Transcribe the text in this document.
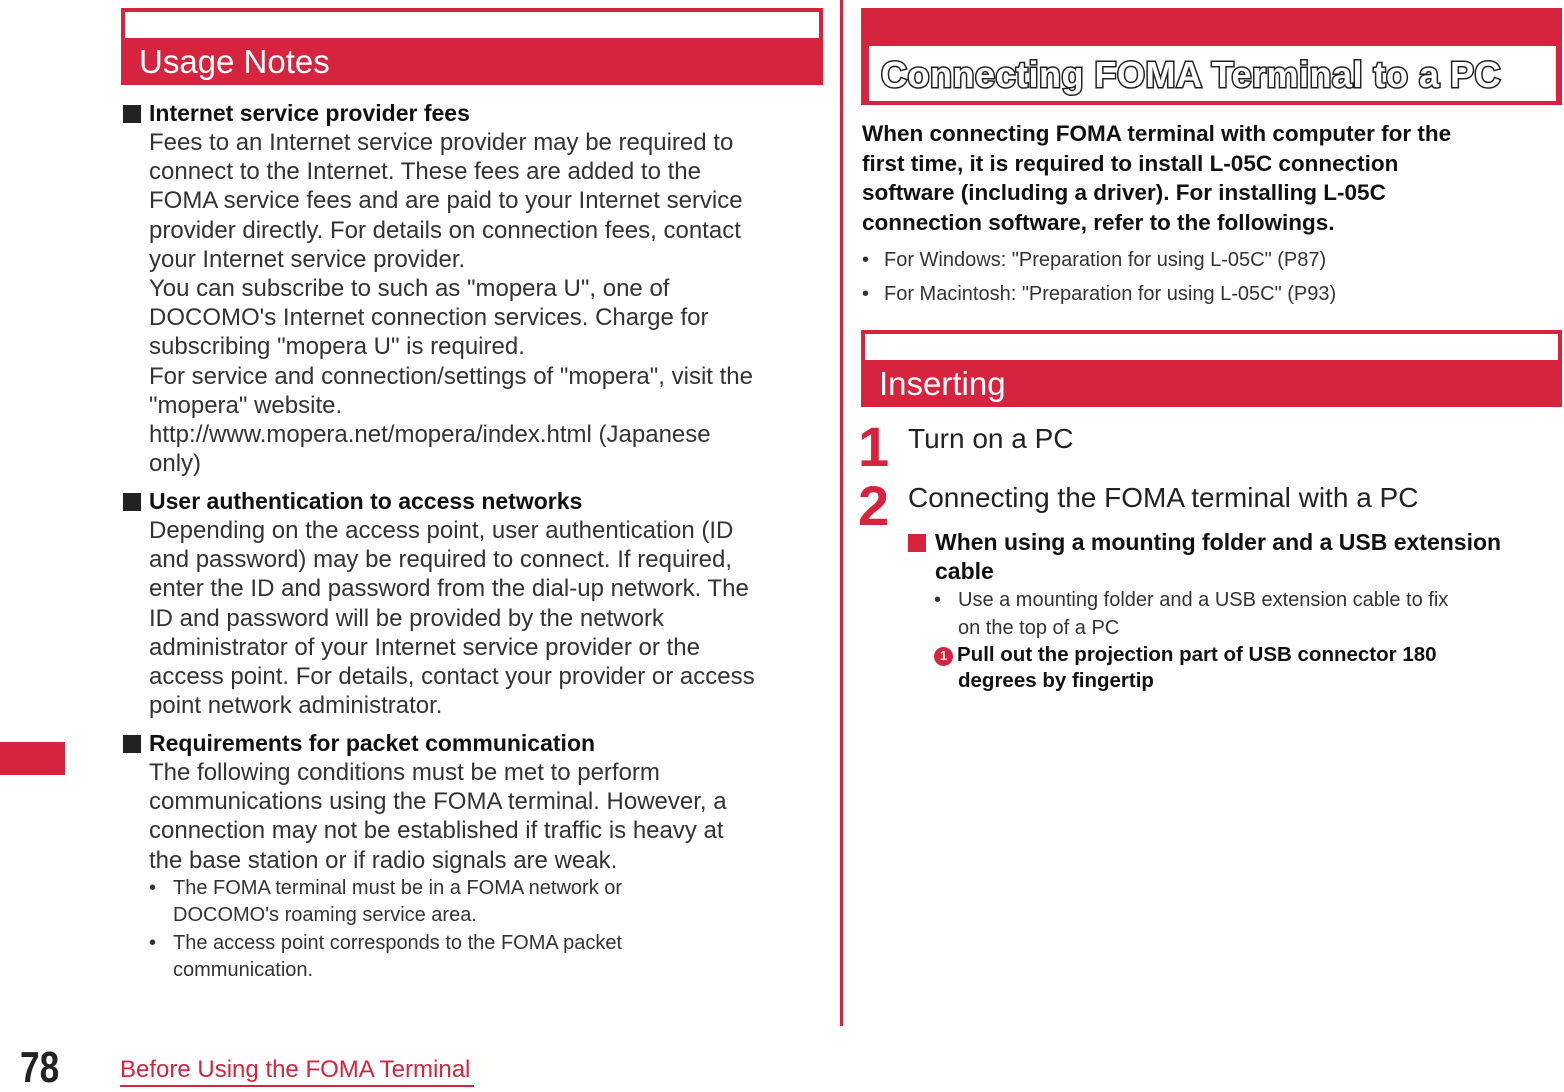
Usage Notes
Internet service provider fees
Fees to an Internet service provider may be required to
connect to the Internet. These fees are added to the
FOMA service fees and are paid to your Internet service
provider directly. For details on connection fees, contact
your Internet service provider.
You can subscribe to such as "mopera U", one of
DOCOMO's Internet connection services. Charge for
subscribing "mopera U" is required.
For service and connection/settings of "mopera", visit the
"mopera" website.
http://www.mopera.net/mopera/index.html (Japanese
only)
User authentication to access networks
Depending on the access point, user authentication (ID
and password) may be required to connect. If required,
enter the ID and password from the dial-up network. The
ID and password will be provided by the network
administrator of your Internet service provider or the
access point. For details, contact your provider or access
point network administrator.
Requirements for packet communication
The following conditions must be met to perform
communications using the FOMA terminal. However, a
connection may not be established if traffic is heavy at
the base station or if radio signals are weak.
• The FOMA terminal must be in a FOMA network or
DOCOMO's roaming service area.
• The access point corresponds to the FOMA packet
communication.
Connecting FOMA Terminal to a PC
When connecting FOMA terminal with computer for the
first time, it is required to install L-05C connection
software (including a driver). For installing L-05C
connection software, refer to the followings.
• For Windows: "Preparation for using L-05C" (P87)
• For Macintosh: "Preparation for using L-05C" (P93)
Inserting
1 Turn on a PC
2 Connecting the FOMA terminal with a PC
When using a mounting folder and a USB extension
cable
• Use a mounting folder and a USB extension cable to fix
on the top of a PC
1 Pull out the projection part of USB connector 180
degrees by fingertip
78	Before Using the FOMA Terminal
